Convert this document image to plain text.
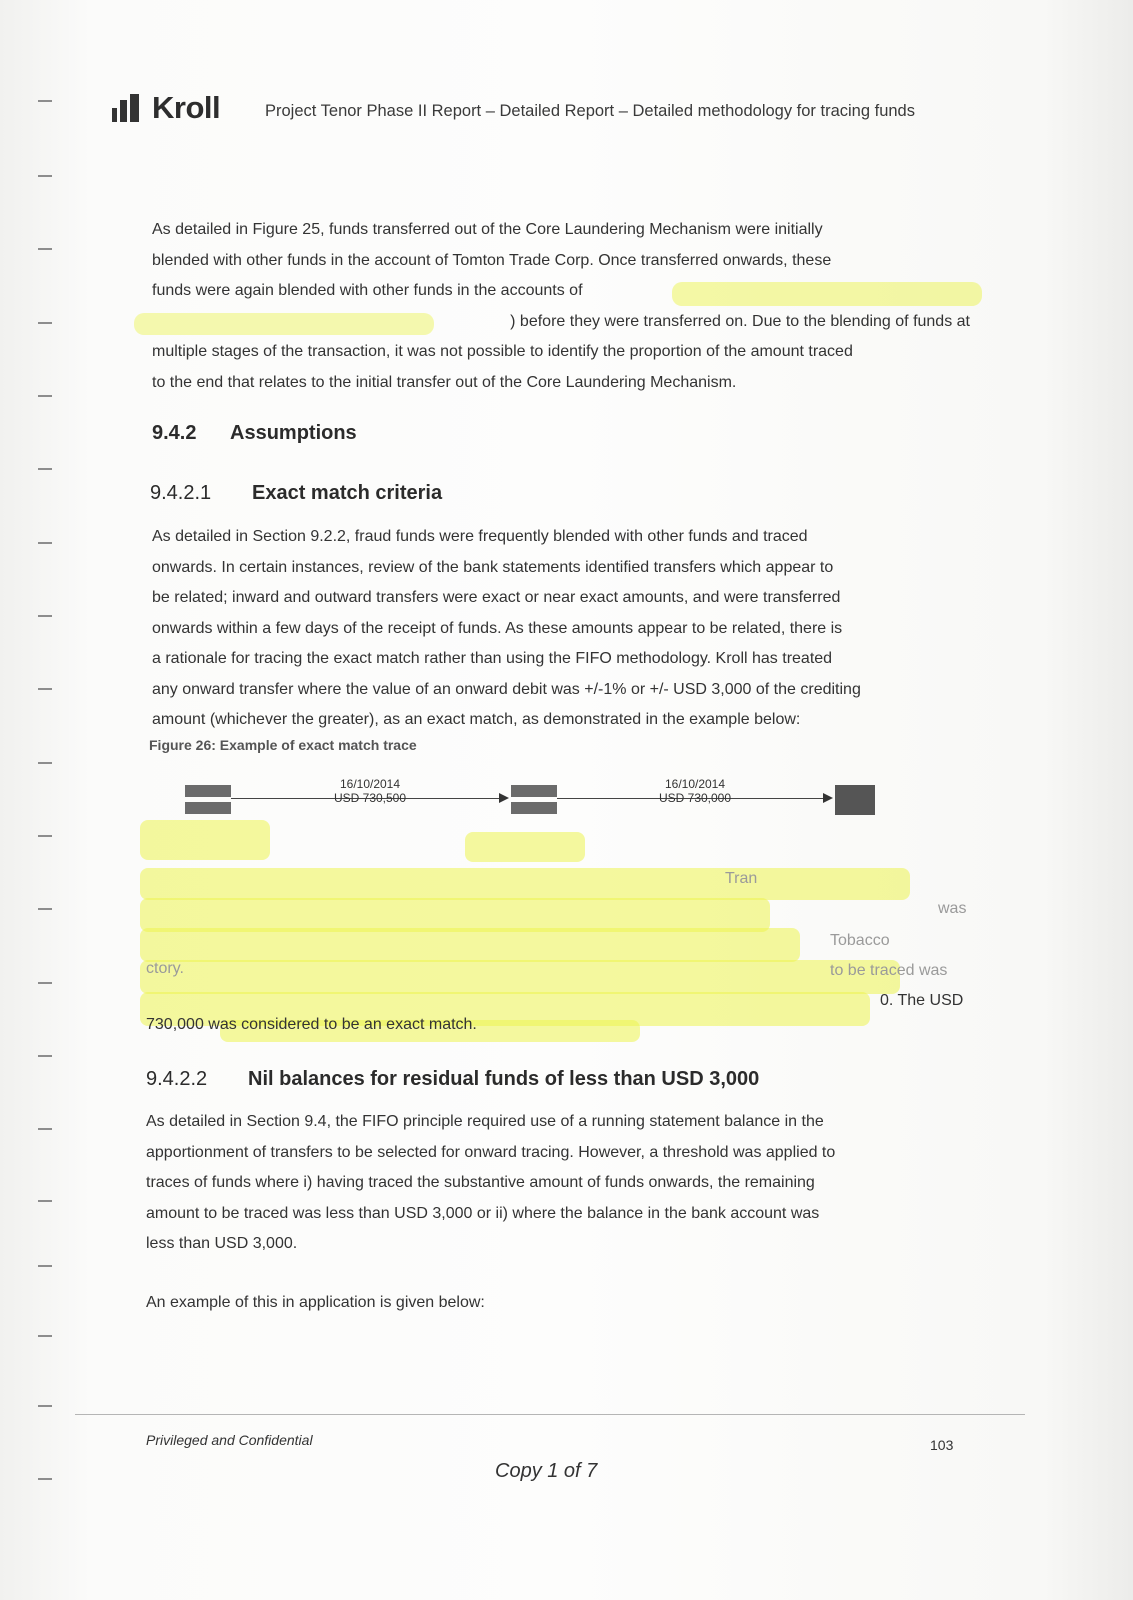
Kroll	Project Tenor Phase II Report – Detailed Report – Detailed methodology for tracing funds
As detailed in Figure 25, funds transferred out of the Core Laundering Mechanism were initially
blended with other funds in the account of Tomton Trade Corp. Once transferred onwards, these
funds were again blended with other funds in the accounts of
) before they were transferred on. Due to the blending of funds at
multiple stages of the transaction, it was not possible to identify the proportion of the amount traced
to the end that relates to the initial transfer out of the Core Laundering Mechanism.
9.4.2 Assumptions
9.4.2.1 Exact match criteria
As detailed in Section 9.2.2, fraud funds were frequently blended with other funds and traced
onwards. In certain instances, review of the bank statements identified transfers which appear to
be related; inward and outward transfers were exact or near exact amounts, and were transferred
onwards within a few days of the receipt of funds. As these amounts appear to be related, there is
a rationale for tracing the exact match rather than using the FIFO methodology. Kroll has treated
any onward transfer where the value of an onward debit was +/-1% or +/- USD 3,000 of the crediting
amount (whichever the greater), as an exact match, as demonstrated in the example below:
Figure 26: Example of exact match trace
16/10/2014
USD 730,500
16/10/2014
USD 730,000
Tran
was
Tobacco
ctory.	to be traced was
0. The USD
730,000 was considered to be an exact match.
9.4.2.2 Nil balances for residual funds of less than USD 3,000
As detailed in Section 9.4, the FIFO principle required use of a running statement balance in the
apportionment of transfers to be selected for onward tracing. However, a threshold was applied to
traces of funds where i) having traced the substantive amount of funds onwards, the remaining
amount to be traced was less than USD 3,000 or ii) where the balance in the bank account was
less than USD 3,000.
An example of this in application is given below:
Privileged and Confidential	103
Copy 1 of 7
